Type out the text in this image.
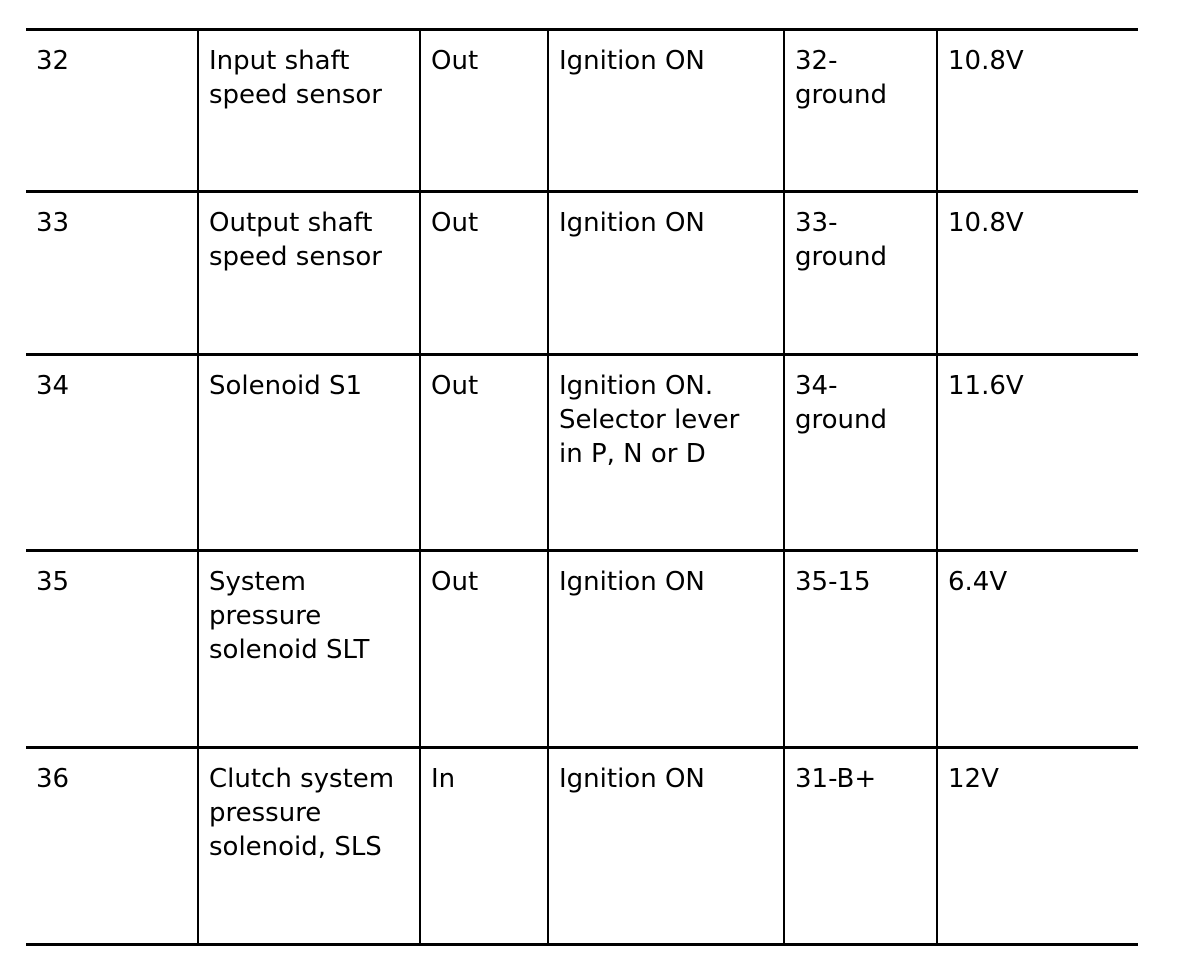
32	Input shaft
speed sensor	Out	Ignition ON	32-
ground	10.8V
33	Output shaft
speed sensor	Out	Ignition ON	33-
ground	10.8V
34	Solenoid S1	Out	Ignition ON.
Selector lever
in P, N or D	34-
ground	11.6V
35	System
pressure
solenoid SLT	Out	Ignition ON	35-15	6.4V
36	Clutch system
pressure
solenoid, SLS	In	Ignition ON	31-B+	12V
